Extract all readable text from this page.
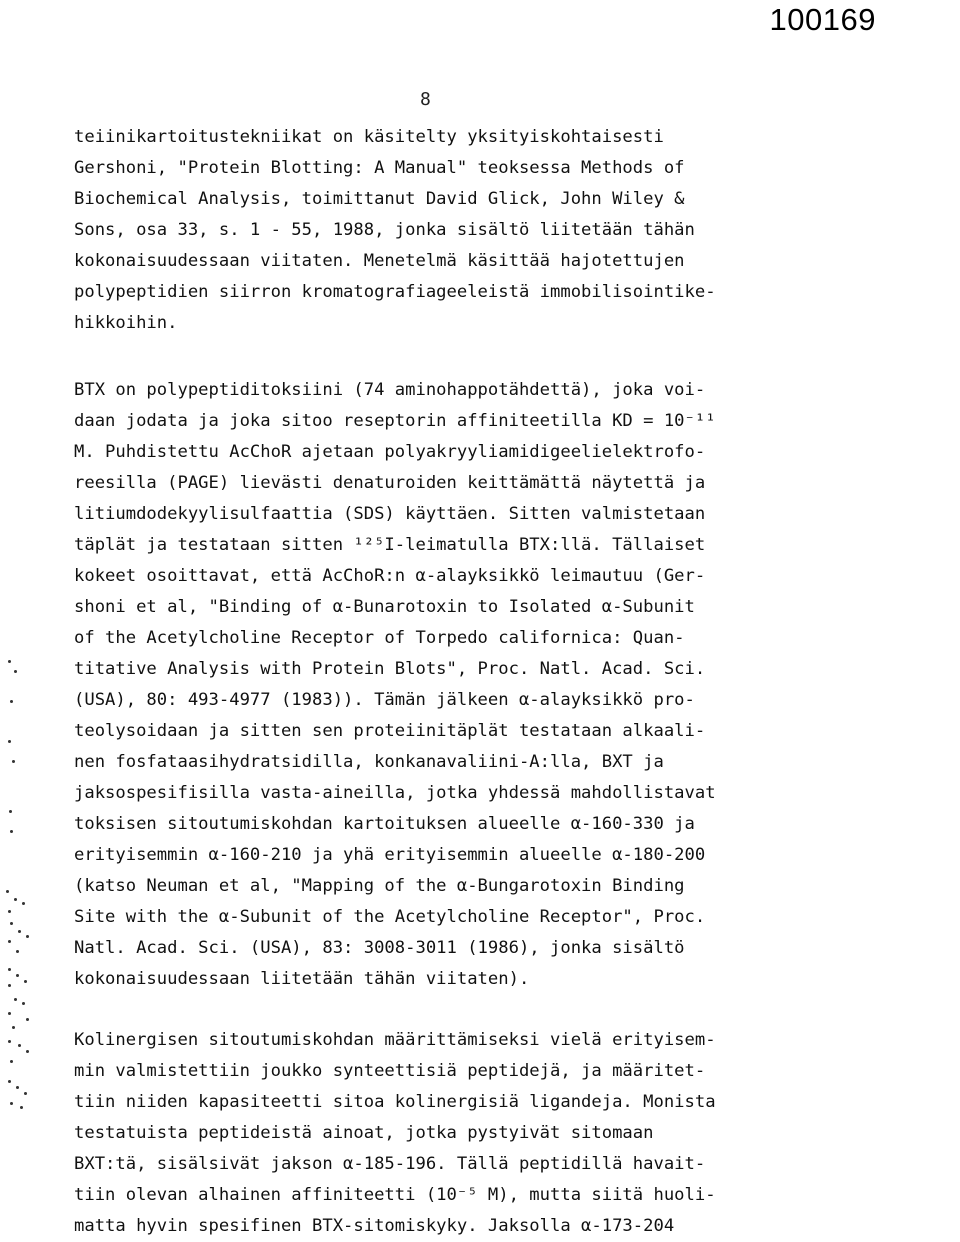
100169
8
teiinikartoitustekniikat on käsitelty yksityiskohtaisesti
Gershoni, "Protein Blotting: A Manual" teoksessa Methods of
Biochemical Analysis, toimittanut David Glick, John Wiley &
Sons, osa 33, s. 1 - 55, 1988, jonka sisältö liitetään tähän
kokonaisuudessaan viitaten. Menetelmä käsittää hajotettujen
polypeptidien siirron kromatografiageeleistä immobilisointike-
hikkoihin.
BTX on polypeptiditoksiini (74 aminohappotähdettä), joka voi-
daan jodata ja joka sitoo reseptorin affiniteetilla KD = 10⁻¹¹
M. Puhdistettu AcChoR ajetaan polyakryyliamidigeelielektrofo-
reesilla (PAGE) lievästi denaturoiden keittämättä näytettä ja
litiumdodekyylisulfaattia (SDS) käyttäen. Sitten valmistetaan
täplät ja testataan sitten ¹²⁵I-leimatulla BTX:llä. Tällaiset
kokeet osoittavat, että AcChoR:n α-alayksikkö leimautuu (Ger-
shoni et al, "Binding of α-Bunarotoxin to Isolated α-Subunit
of the Acetylcholine Receptor of Torpedo californica: Quan-
titative Analysis with Protein Blots", Proc. Natl. Acad. Sci.
(USA), 80: 493-4977 (1983)). Tämän jälkeen α-alayksikkö pro-
teolysoidaan ja sitten sen proteiinitäplät testataan alkaali-
nen fosfataasihydratsidilla, konkanavaliini-A:lla, BXT ja
jaksospesifisilla vasta-aineilla, jotka yhdessä mahdollistavat
toksisen sitoutumiskohdan kartoituksen alueelle α-160-330 ja
erityisemmin α-160-210 ja yhä erityisemmin alueelle α-180-200
(katso Neuman et al, "Mapping of the α-Bungarotoxin Binding
Site with the α-Subunit of the Acetylcholine Receptor", Proc.
Natl. Acad. Sci. (USA), 83: 3008-3011 (1986), jonka sisältö
kokonaisuudessaan liitetään tähän viitaten).
Kolinergisen sitoutumiskohdan määrittämiseksi vielä erityisem-
min valmistettiin joukko synteettisiä peptidejä, ja määritet-
tiin niiden kapasiteetti sitoa kolinergisiä ligandeja. Monista
testatuista peptideistä ainoat, jotka pystyivät sitomaan
BXT:tä, sisälsivät jakson α-185-196. Tällä peptidillä havait-
tiin olevan alhainen affiniteetti (10⁻⁵ M), mutta siitä huoli-
matta hyvin spesifinen BTX-sitomiskyky. Jaksolla α-173-204
